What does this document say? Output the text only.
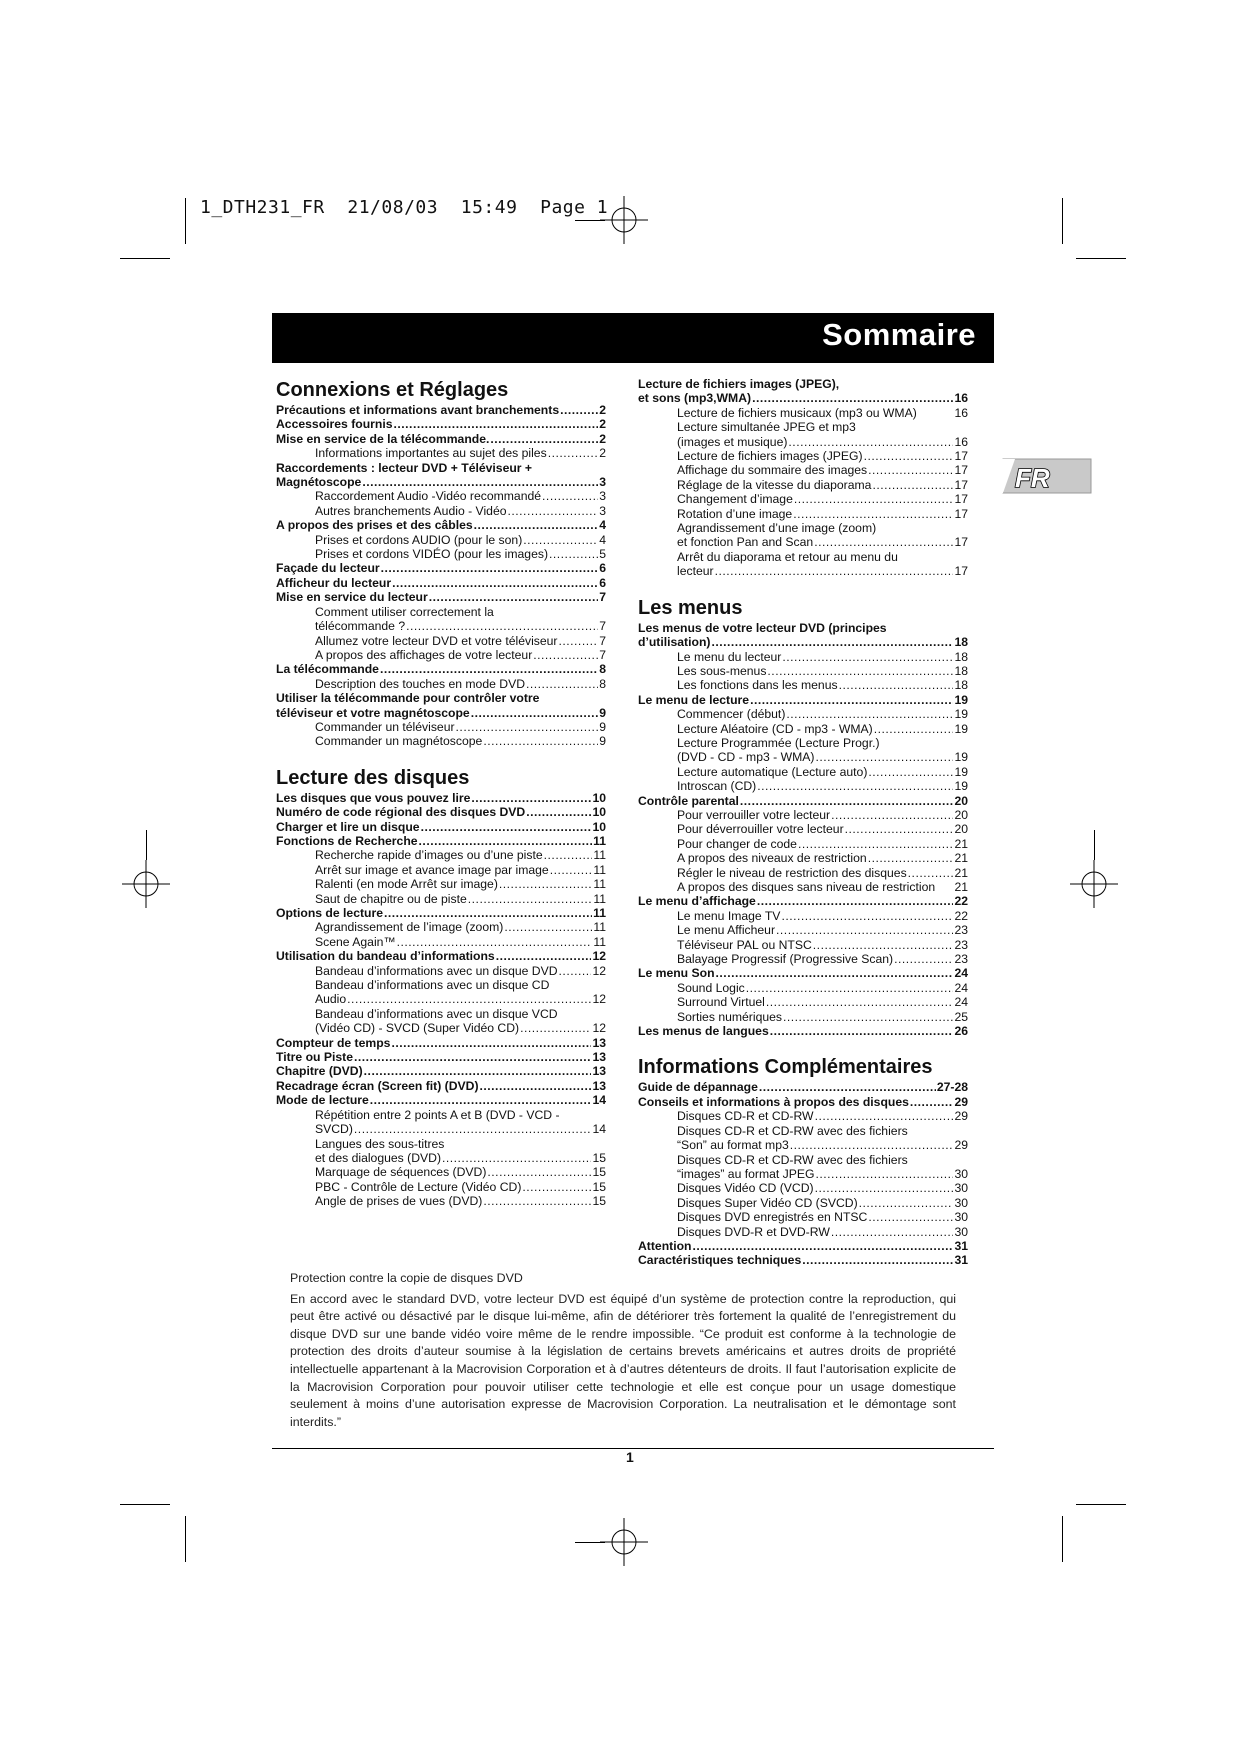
1_DTH231_FR  21/08/03  15:49  Page 1
Sommaire
FR
Connexions et Réglages
Précautions et informations avant branchements .....	2
Accessoires fournis .....	2
Mise en service de la télécommande. .....	2
Informations importantes au sujet des piles .....	2
Raccordements : lecteur DVD + Téléviseur +
Magnétoscope .....	3
Raccordement Audio -Vidéo recommandé .....	3
Autres branchements Audio - Vidéo .....	3
A propos des prises et des câbles .....	4
Prises et cordons AUDIO (pour le son) .....	4
Prises et cordons VIDÉO (pour les images) .....	5
Façade du lecteur .....	6
Afficheur du lecteur .....	6
Mise en service du lecteur .....	7
Comment utiliser correctement la
télécommande ? .....	7
Allumez votre lecteur DVD et votre téléviseur .....	7
A propos des affichages de votre lecteur .....	7
La télécommande .....	8
Description des touches en mode DVD .....	8
Utiliser la télécommande pour contrôler votre
téléviseur et votre magnétoscope .....	9
Commander un téléviseur .....	9
Commander un magnétoscope .....	9
Lecture des disques
Les disques que vous pouvez lire .....	10
Numéro de code régional des disques DVD .....	10
Charger et lire un disque .....	10
Fonctions de Recherche .....	11
Recherche rapide d’images ou d’une piste .....	11
Arrêt sur image et avance image par image .....	11
Ralenti (en mode Arrêt sur image) .....	11
Saut de chapitre ou de piste .....	11
Options de lecture .....	11
Agrandissement de l’image (zoom) .....	11
Scene Again™ .....	11
Utilisation du bandeau d’informations .....	12
Bandeau d’informations avec un disque DVD .....	12
Bandeau d’informations avec un disque CD
Audio .....	12
Bandeau d’informations avec un disque VCD
(Vidéo CD) - SVCD (Super Vidéo CD) .....	12
Compteur de temps .....	13
Titre ou Piste .....	13
Chapitre (DVD) .....	13
Recadrage écran (Screen fit) (DVD) .....	13
Mode de lecture .....	14
Répétition entre 2 points A et B (DVD - VCD -
SVCD) .....	14
Langues des sous-titres
et des dialogues (DVD) .....	15
Marquage de séquences (DVD) .....	15
PBC - Contrôle de Lecture (Vidéo CD) .....	15
Angle de prises de vues (DVD) .....	15
Lecture de fichiers images (JPEG),
et sons (mp3,WMA) .....	16
Lecture de fichiers musicaux (mp3 ou WMA)	16
Lecture simultanée JPEG et mp3
(images et musique) .....	16
Lecture de fichiers images (JPEG) .....	17
Affichage du sommaire des images .....	17
Réglage de la vitesse du diaporama .....	17
Changement d’image .....	17
Rotation d’une image .....	17
Agrandissement d’une image (zoom)
et fonction Pan and Scan .....	17
Arrêt du diaporama et retour au menu du
lecteur .....	17
Les menus
Les menus de votre lecteur DVD (principes
d’utilisation) .....	18
Le menu du lecteur .....	18
Les sous-menus .....	18
Les fonctions dans les menus .....	18
Le menu de lecture .....	19
Commencer (début) .....	19
Lecture Aléatoire (CD - mp3 - WMA) .....	19
Lecture Programmée (Lecture Progr.)
(DVD - CD - mp3 - WMA) .....	19
Lecture automatique (Lecture auto) .....	19
Introscan (CD) .....	19
Contrôle parental .....	20
Pour verrouiller votre lecteur .....	20
Pour déverrouiller votre lecteur .....	20
Pour changer de code .....	21
A propos des niveaux de restriction .....	21
Régler le niveau de restriction des disques .....	21
A propos des disques sans niveau de restriction 21
Le menu d’affichage .....	22
Le menu Image TV .....	22
Le menu Afficheur .....	23
Téléviseur PAL ou NTSC .....	23
Balayage Progressif (Progressive Scan) .....	23
Le menu Son .....	24
Sound Logic .....	24
Surround Virtuel .....	24
Sorties numériques .....	25
Les menus de langues .....	26
Informations Complémentaires
Guide de dépannage .....	27-28
Conseils et informations à propos des disques .....	29
Disques CD-R et CD-RW .....	29
Disques CD-R et CD-RW avec des fichiers
“Son” au format mp3 .....	29
Disques CD-R et CD-RW avec des fichiers
“images” au format JPEG .....	30
Disques Vidéo CD (VCD) .....	30
Disques Super Vidéo CD (SVCD) .....	30
Disques DVD enregistrés en NTSC .....	30
Disques DVD-R et DVD-RW .....	30
Attention .....	31
Caractéristiques techniques .....	31
Protection contre la copie de disques DVD
En accord avec le standard DVD, votre lecteur DVD est équipé d’un système de protection contre la reproduction, qui peut être activé ou désactivé par le disque lui-même, afin de détériorer très fortement la qualité de l’enregistrement du disque DVD sur une bande vidéo voire même de le rendre impossible. “Ce produit est conforme à la technologie de protection des droits d’auteur soumise à la législation de certains brevets américains et autres droits de propriété intellectuelle appartenant à la Macrovision Corporation et à d’autres détenteurs de droits. Il faut l’autorisation explicite de la Macrovision Corporation pour pouvoir utiliser cette technologie et elle est conçue pour un usage domestique seulement à moins d’une autorisation expresse de Macrovision Corporation. La neutralisation et le démontage sont interdits.”
1
